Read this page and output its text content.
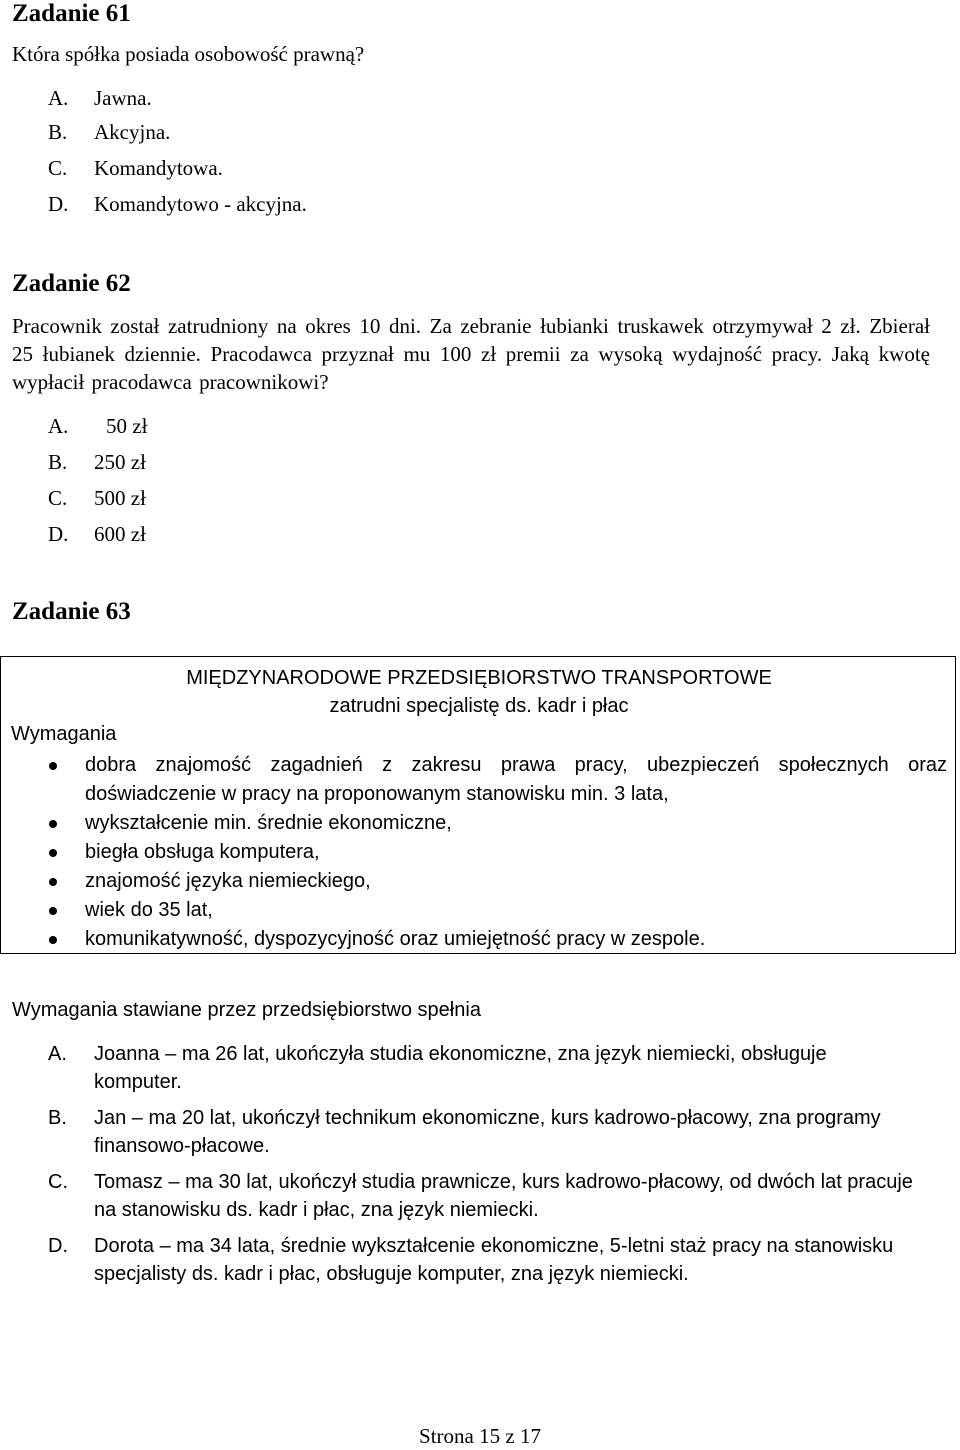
Zadanie 61
Która spółka posiada osobowość prawną?
A. Jawna.
B. Akcyjna.
C. Komandytowa.
D. Komandytowo - akcyjna.
Zadanie 62
Pracownik został zatrudniony na okres 10 dni. Za zebranie łubianki truskawek otrzymywał 2 zł. Zbierał 25 łubianek dziennie. Pracodawca przyznał mu 100 zł premii za wysoką wydajność pracy. Jaką kwotę wypłacił pracodawca pracownikowi?
A. 50 zł
B. 250 zł
C. 500 zł
D. 600 zł
Zadanie 63
MIĘDZYNARODOWE PRZEDSIĘBIORSTWO TRANSPORTOWE
zatrudni specjalistę ds. kadr i płac
Wymagania
dobra znajomość zagadnień z zakresu prawa pracy, ubezpieczeń społecznych oraz doświadczenie w pracy na proponowanym stanowisku min. 3 lata,
wykształcenie min. średnie ekonomiczne,
biegła obsługa komputera,
znajomość języka niemieckiego,
wiek do 35 lat,
komunikatywność, dyspozycyjność oraz umiejętność pracy w zespole.
Wymagania stawiane przez przedsiębiorstwo spełnia
A. Joanna – ma 26 lat, ukończyła studia ekonomiczne, zna język niemiecki, obsługuje komputer.
B. Jan – ma 20 lat, ukończył technikum ekonomiczne, kurs kadrowo-płacowy, zna programy finansowo-płacowe.
C. Tomasz – ma 30 lat, ukończył studia prawnicze, kurs kadrowo-płacowy, od dwóch lat pracuje na stanowisku ds. kadr i płac, zna język niemiecki.
D. Dorota – ma 34 lata, średnie wykształcenie ekonomiczne, 5-letni staż pracy na stanowisku specjalisty ds. kadr i płac, obsługuje komputer, zna język niemiecki.
Strona 15 z 17
